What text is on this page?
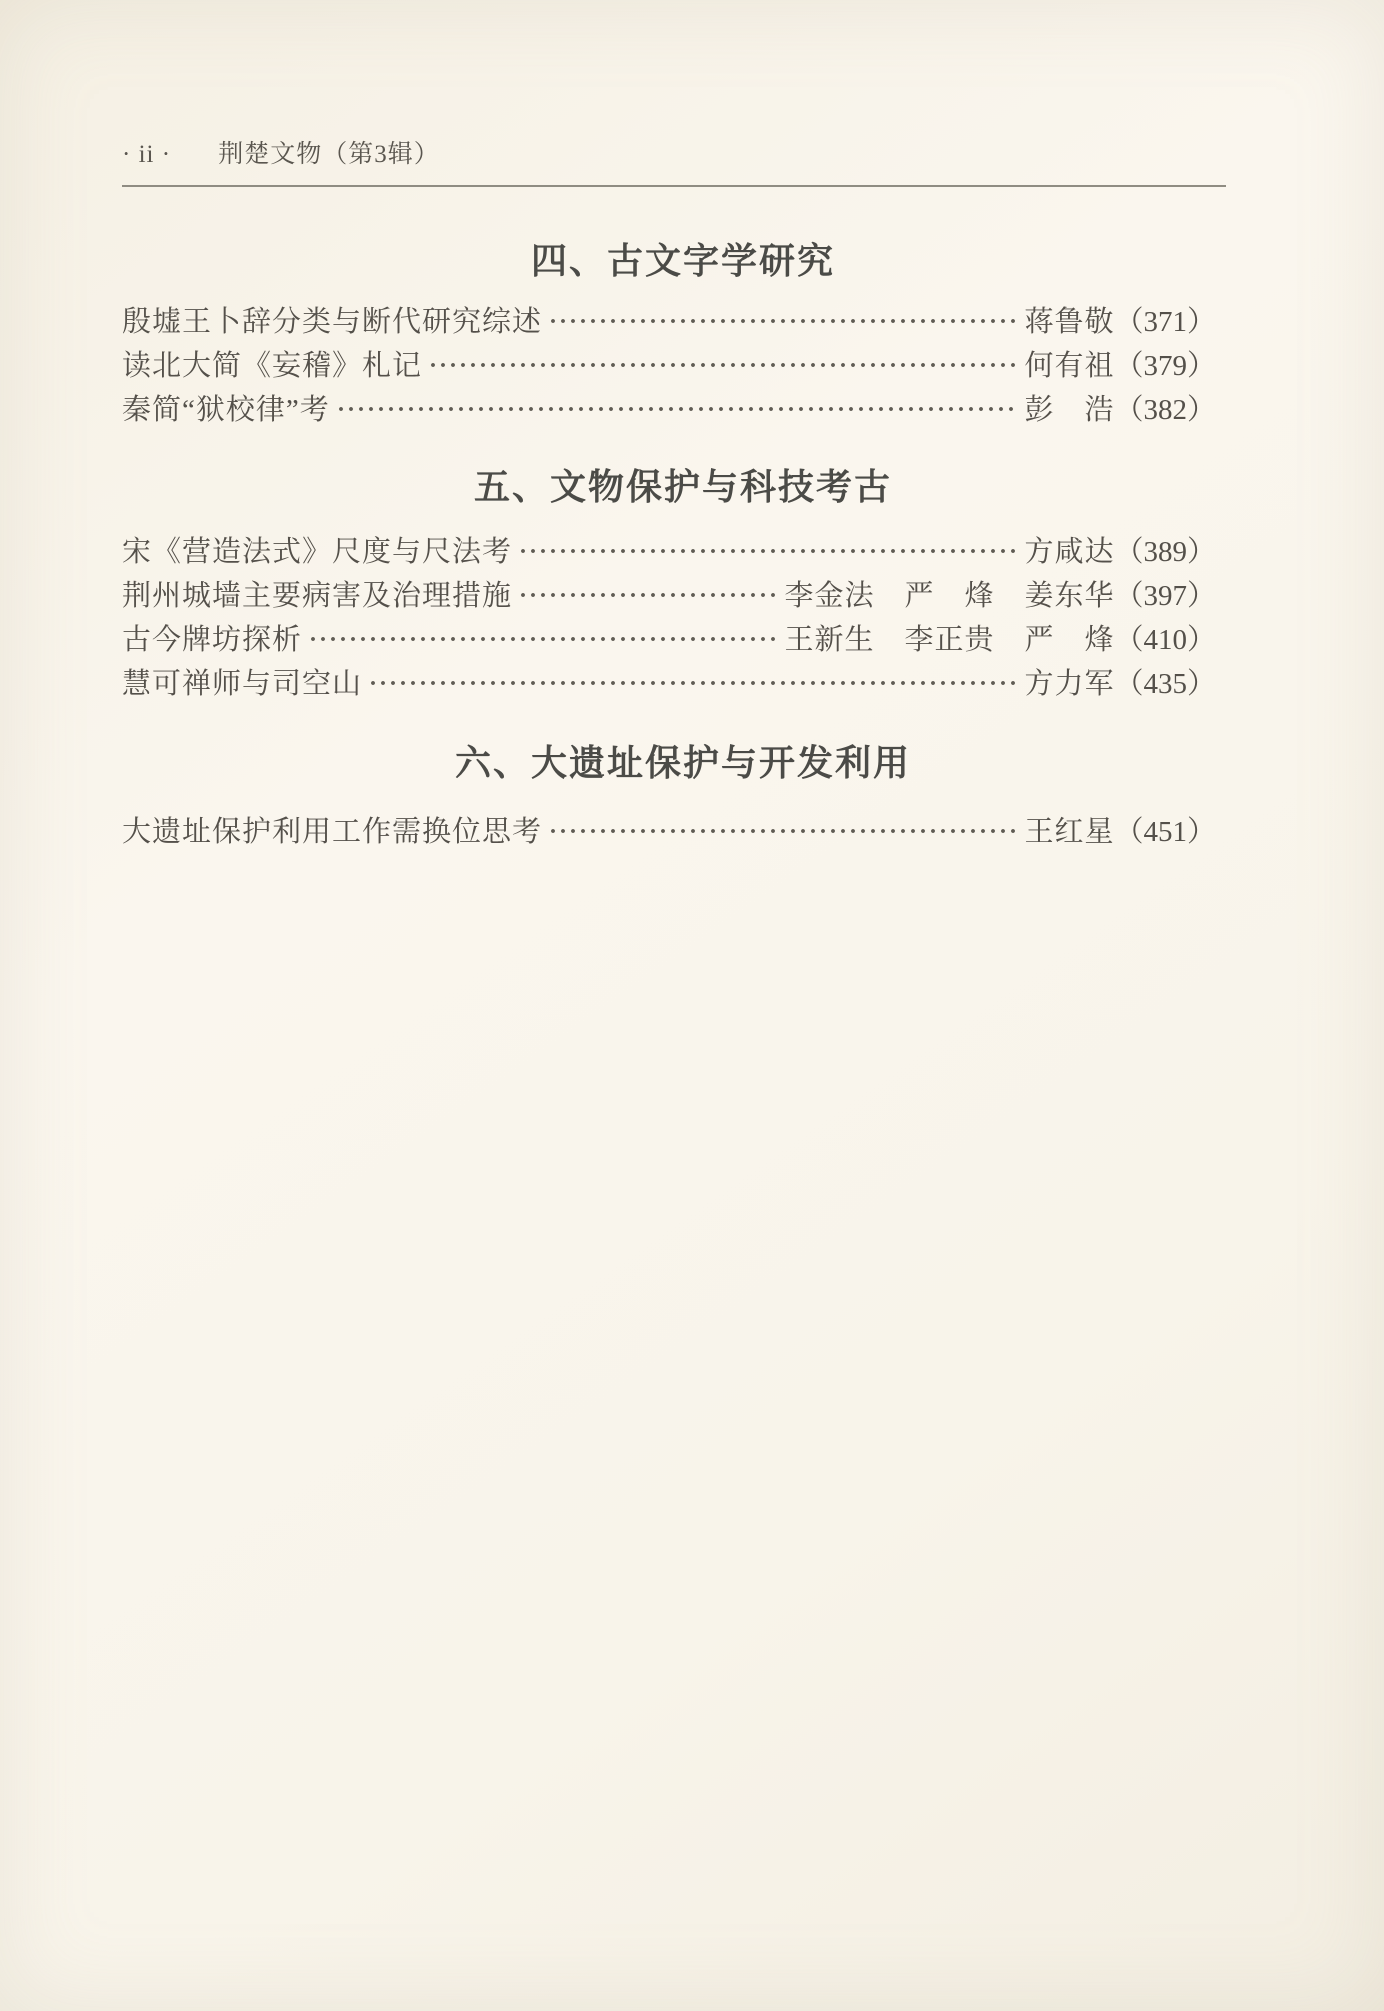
· ii · 荆楚文物（第3辑）
四、古文字学研究
殷墟王卜辞分类与断代研究综述	蒋鲁敬 （371）
读北大简《妄稽》札记	何有祖 （379）
秦简“狱校律”考	彭　浩 （382）
五、文物保护与科技考古
宋《营造法式》尺度与尺法考	方咸达 （389）
荆州城墙主要病害及治理措施	李金法　严　烽　姜东华 （397）
古今牌坊探析	王新生　李正贵　严　烽 （410）
慧可禅师与司空山	方力军 （435）
六、大遗址保护与开发利用
大遗址保护利用工作需换位思考	王红星 （451）
